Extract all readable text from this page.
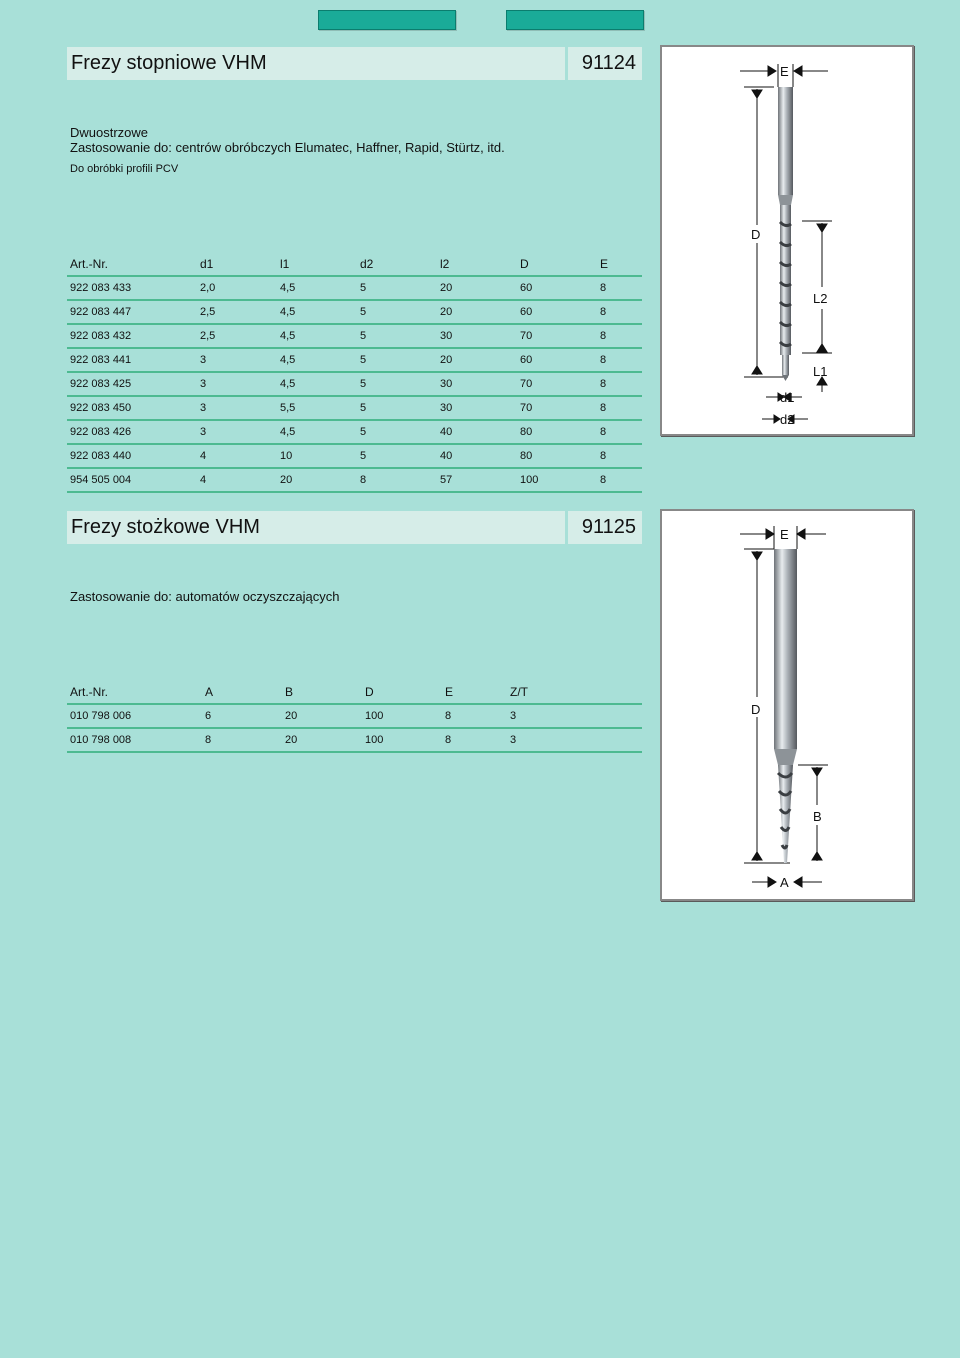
Frezy stopniowe VHM	91124
Dwuostrzowe
Zastosowanie do: centrów obróbczych Elumatec, Haffner, Rapid, Stürtz, itd.
Do obróbki profili PCV
Art.-Nr.	d1	l1	d2	l2	D	E
922 083 433	2,0	4,5	5	20	60	8
922 083 447	2,5	4,5	5	20	60	8
922 083 432	2,5	4,5	5	30	70	8
922 083 441	3	4,5	5	20	60	8
922 083 425	3	4,5	5	30	70	8
922 083 450	3	5,5	5	30	70	8
922 083 426	3	4,5	5	40	80	8
922 083 440	4	10	5	40	80	8
954 505 004	4	20	8	57	100	8
E
D
L2
L1
d1
d2
Frezy stożkowe VHM	91125
Zastosowanie do: automatów oczyszczających
Art.-Nr.	A	B	D	E	Z/T
010 798 006	6	20	100	8	3
010 798 008	8	20	100	8	3
E
D
B
A
